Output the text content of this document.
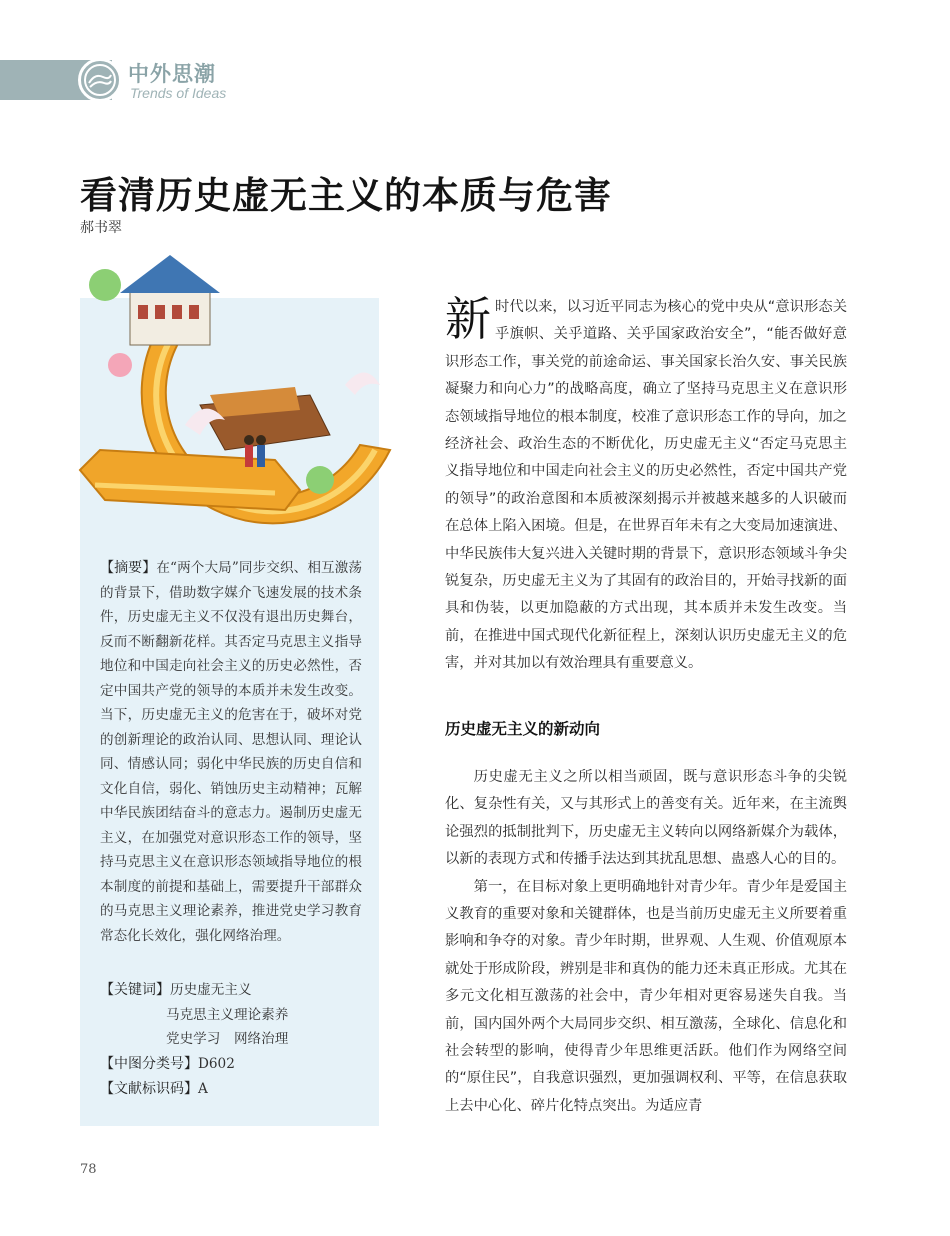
中外思潮
Trends of Ideas
看清历史虚无主义的本质与危害
郝书翠
【摘要】在“两个大局”同步交织、相互激荡的背景下，借助数字媒介飞速发展的技术条件，历史虚无主义不仅没有退出历史舞台，反而不断翻新花样。其否定马克思主义指导地位和中国走向社会主义的历史必然性，否定中国共产党的领导的本质并未发生改变。当下，历史虚无主义的危害在于，破坏对党的创新理论的政治认同、思想认同、理论认同、情感认同；弱化中华民族的历史自信和文化自信，弱化、销蚀历史主动精神；瓦解中华民族团结奋斗的意志力。遏制历史虚无主义，在加强党对意识形态工作的领导，坚持马克思主义在意识形态领域指导地位的根本制度的前提和基础上，需要提升干部群众的马克思主义理论素养，推进党史学习教育常态化长效化，强化网络治理。
【关键词】历史虚无主义
马克思主义理论素养
党史学习　网络治理
【中图分类号】D602
【文献标识码】A

新时代以来，以习近平同志为核心的党中央从“意识形态关乎旗帜、关乎道路、关乎国家政治安全”，“能否做好意识形态工作，事关党的前途命运、事关国家长治久安、事关民族凝聚力和向心力”的战略高度，确立了坚持马克思主义在意识形态领域指导地位的根本制度，校准了意识形态工作的导向，加之经济社会、政治生态的不断优化，历史虚无主义“否定马克思主义指导地位和中国走向社会主义的历史必然性，否定中国共产党的领导”的政治意图和本质被深刻揭示并被越来越多的人识破而在总体上陷入困境。但是，在世界百年未有之大变局加速演进、中华民族伟大复兴进入关键时期的背景下，意识形态领域斗争尖锐复杂，历史虚无主义为了其固有的政治目的，开始寻找新的面具和伪装，以更加隐蔽的方式出现，其本质并未发生改变。当前，在推进中国式现代化新征程上，深刻认识历史虚无主义的危害，并对其加以有效治理具有重要意义。

历史虚无主义的新动向

历史虚无主义之所以相当顽固，既与意识形态斗争的尖锐化、复杂性有关，又与其形式上的善变有关。近年来，在主流舆论强烈的抵制批判下，历史虚无主义转向以网络新媒介为载体，以新的表现方式和传播手法达到其扰乱思想、蛊惑人心的目的。

第一，在目标对象上更明确地针对青少年。青少年是爱国主义教育的重要对象和关键群体，也是当前历史虚无主义所要着重影响和争夺的对象。青少年时期，世界观、人生观、价值观原本就处于形成阶段，辨别是非和真伪的能力还未真正形成。尤其在多元文化相互激荡的社会中，青少年相对更容易迷失自我。当前，国内国外两个大局同步交织、相互激荡，全球化、信息化和社会转型的影响，使得青少年思维更活跃。他们作为网络空间的“原住民”，自我意识强烈，更加强调权利、平等，在信息获取上去中心化、碎片化特点突出。为适应青

78
